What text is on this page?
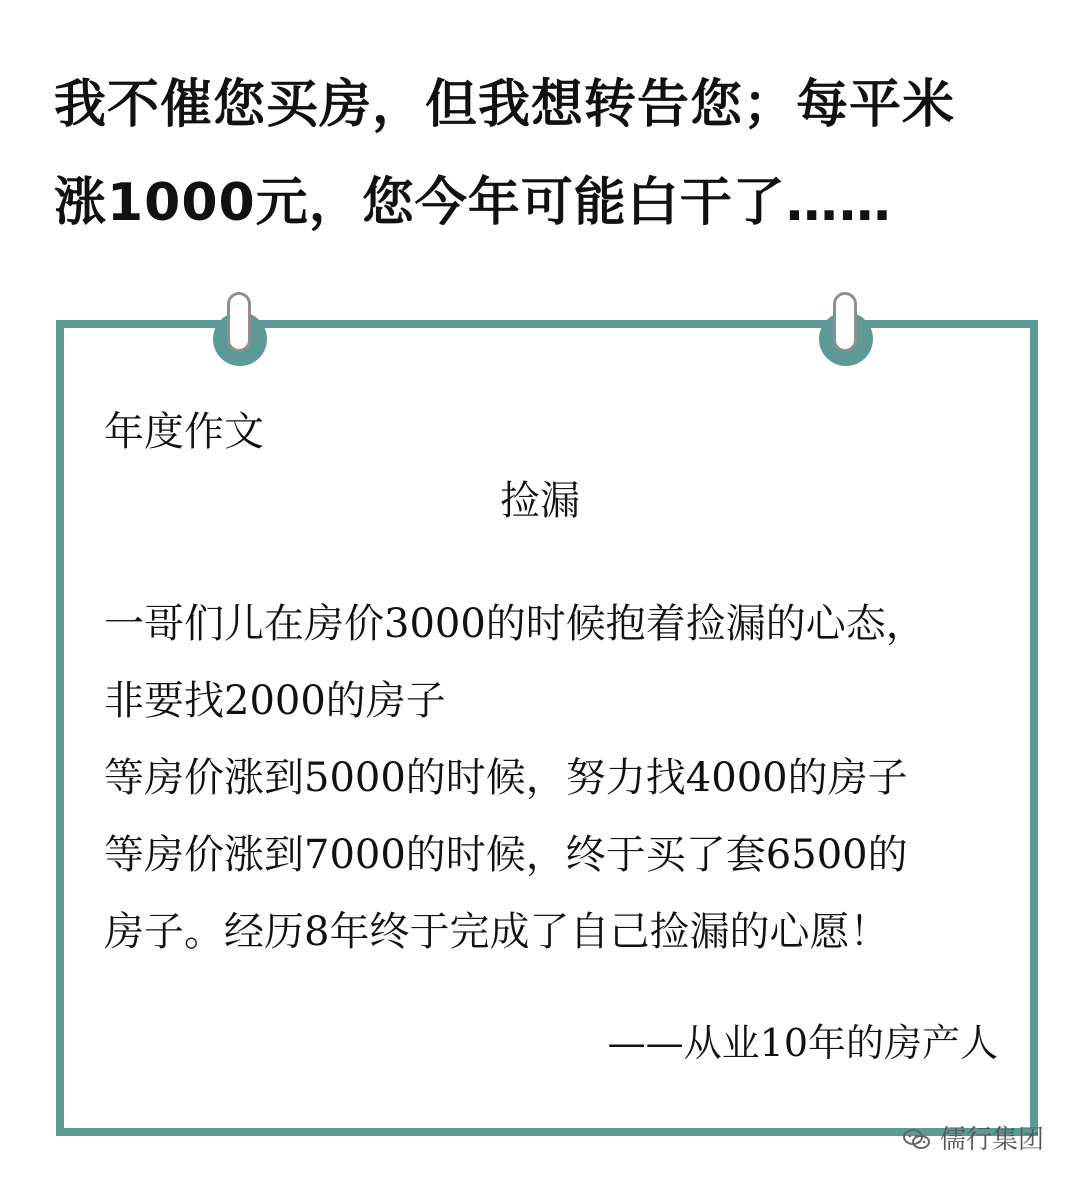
我不催您买房，但我想转告您；每平米
涨1000元，您今年可能白干了……
年度作文
捡漏
一哥们儿在房价3000的时候抱着捡漏的心态，
非要找2000的房子
等房价涨到5000的时候，努力找4000的房子
等房价涨到7000的时候，终于买了套6500的
房子。经历8年终于完成了自己捡漏的心愿！
——从业10年的房产人
儒行集团
